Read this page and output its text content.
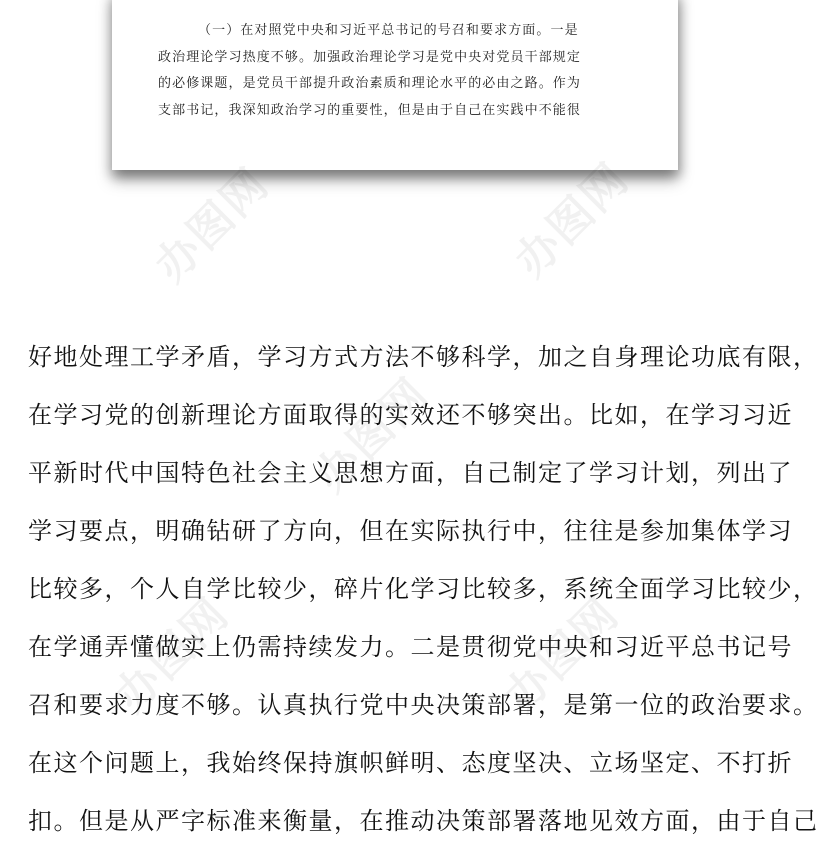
（一）在对照党中央和习近平总书记的号召和要求方面。一是
政治理论学习热度不够。加强政治理论学习是党中央对党员干部规定
的必修课题，是党员干部提升政治素质和理论水平的必由之路。作为
支部书记，我深知政治学习的重要性，但是由于自己在实践中不能很
办图网	办图网
办图网
办图网	办图网
好地处理工学矛盾，学习方式方法不够科学，加之自身理论功底有限，
在学习党的创新理论方面取得的实效还不够突出。比如，在学习习近
平新时代中国特色社会主义思想方面，自己制定了学习计划，列出了
学习要点，明确钻研了方向，但在实际执行中，往往是参加集体学习
比较多，个人自学比较少，碎片化学习比较多，系统全面学习比较少，
在学通弄懂做实上仍需持续发力。二是贯彻党中央和习近平总书记号
召和要求力度不够。认真执行党中央决策部署，是第一位的政治要求。
在这个问题上，我始终保持旗帜鲜明、态度坚决、立场坚定、不打折
扣。但是从严字标准来衡量，在推动决策部署落地见效方面，由于自己
